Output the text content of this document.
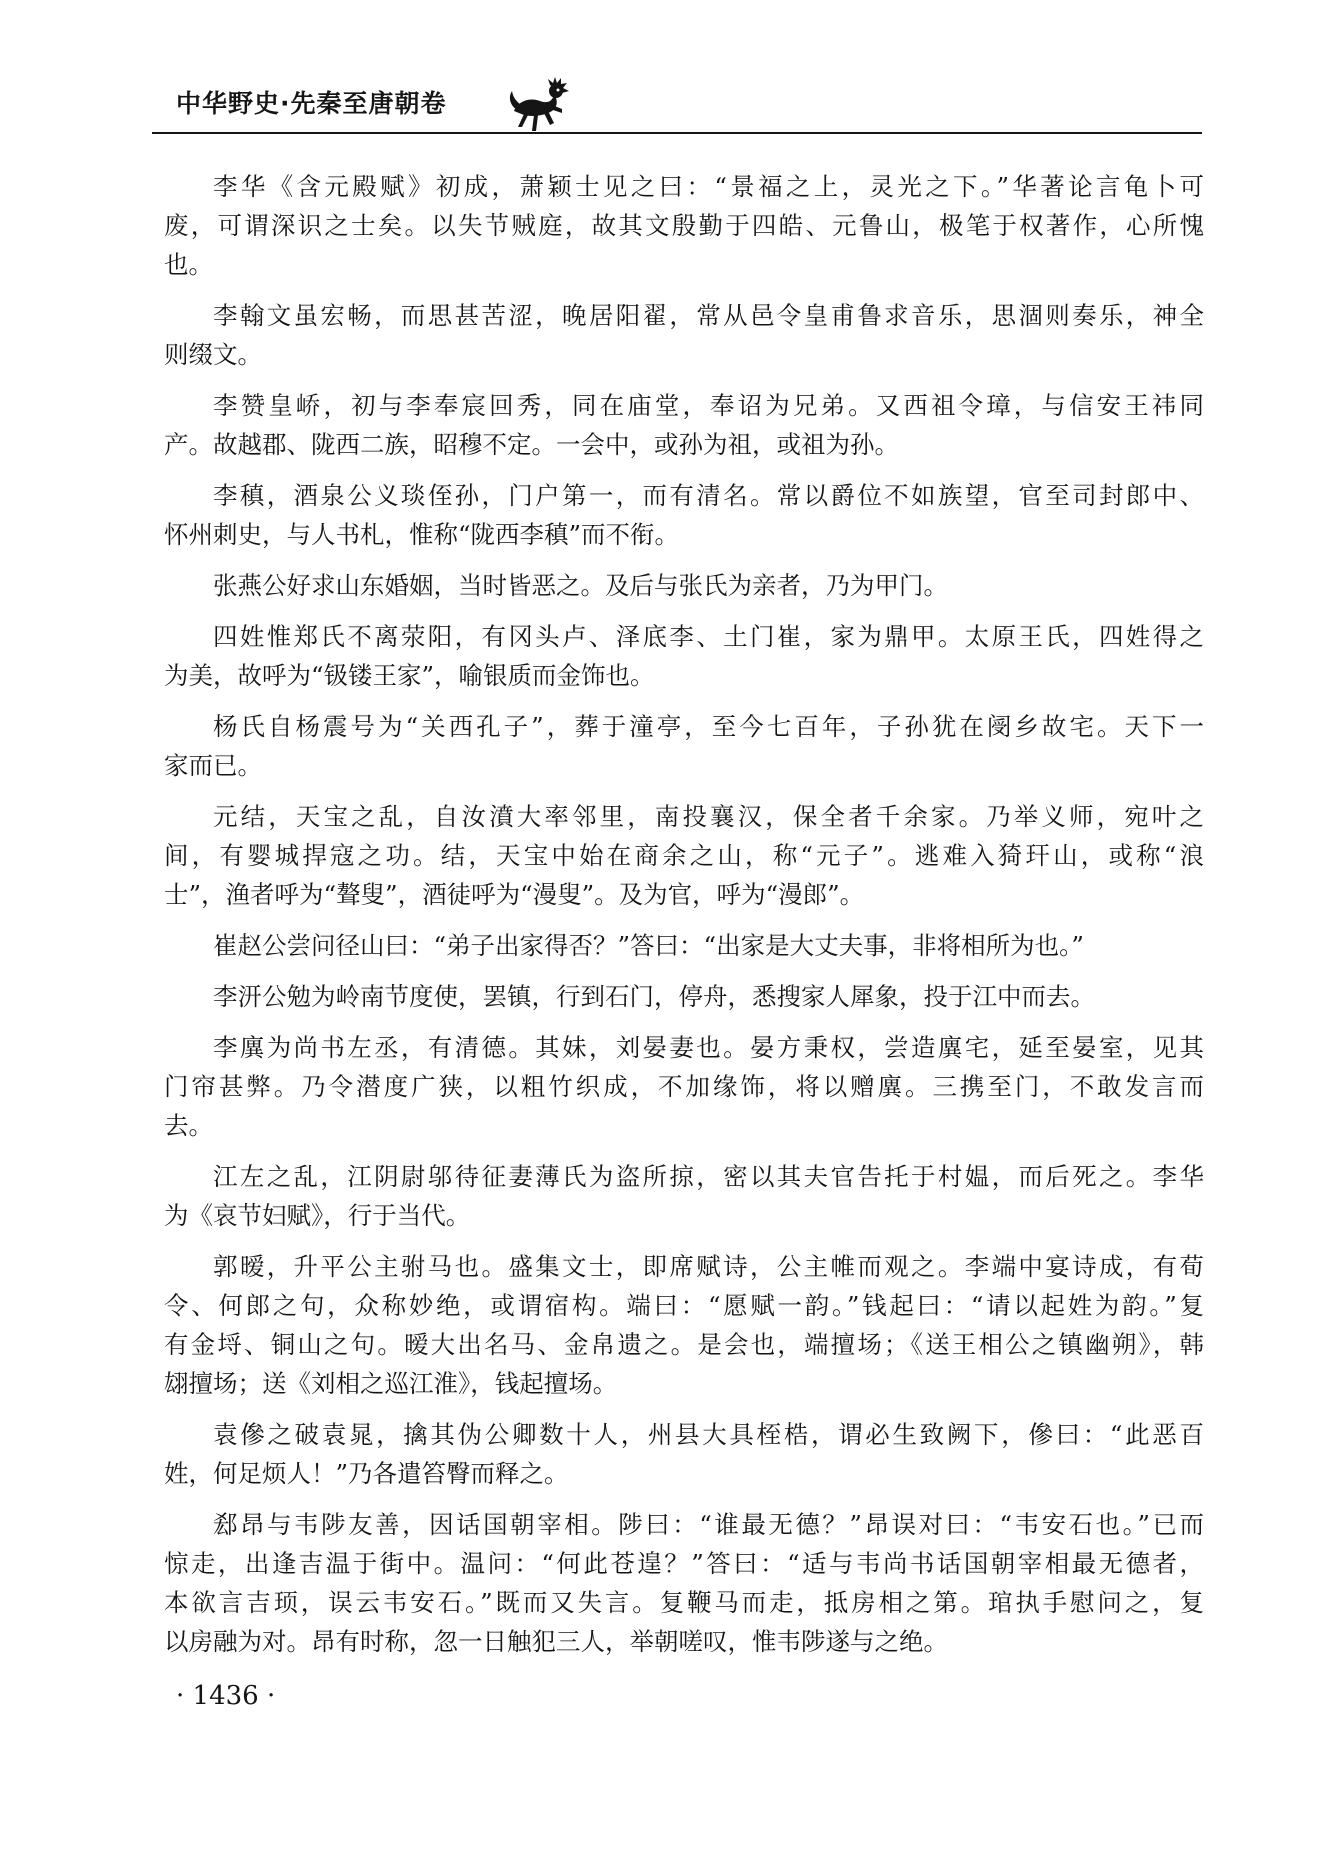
中华野史·先秦至唐朝卷

李华《含元殿赋》初成，萧颖士见之曰：“景福之上，灵光之下。”华著论言龟卜可
废，可谓深识之士矣。以失节贼庭，故其文殷勤于四皓、元鲁山，极笔于权著作，心所愧
也。

李翰文虽宏畅，而思甚苦涩，晚居阳翟，常从邑令皇甫鲁求音乐，思涸则奏乐，神全
则缀文。

李赞皇峤，初与李奉宸回秀，同在庙堂，奉诏为兄弟。又西祖令璋，与信安王祎同
产。故越郡、陇西二族，昭穆不定。一会中，或孙为祖，或祖为孙。

李稹，酒泉公义琰侄孙，门户第一，而有清名。常以爵位不如族望，官至司封郎中、
怀州刺史，与人书札，惟称“陇西李稹”而不衔。

张燕公好求山东婚姻，当时皆恶之。及后与张氏为亲者，乃为甲门。

四姓惟郑氏不离荥阳，有冈头卢、泽底李、土门崔，家为鼎甲。太原王氏，四姓得之
为美，故呼为“钑镂王家”，喻银质而金饰也。

杨氏自杨震号为“关西孔子”，葬于潼亭，至今七百年，子孙犹在阌乡故宅。天下一
家而已。

元结，天宝之乱，自汝濆大率邻里，南投襄汉，保全者千余家。乃举义师，宛叶之
间，有婴城捍寇之功。结，天宝中始在商余之山，称“元子”。逃难入猗玕山，或称“浪
士”，渔者呼为“聱叟”，酒徒呼为“漫叟”。及为官，呼为“漫郎”。

崔赵公尝问径山曰：“弟子出家得否？”答曰：“出家是大丈夫事，非将相所为也。”

李汧公勉为岭南节度使，罢镇，行到石门，停舟，悉搜家人犀象，投于江中而去。

李廙为尚书左丞，有清德。其妹，刘晏妻也。晏方秉权，尝造廙宅，延至晏室，见其
门帘甚弊。乃令潜度广狭，以粗竹织成，不加缘饰，将以赠廙。三携至门，不敢发言而
去。

江左之乱，江阴尉邬待征妻薄氏为盗所掠，密以其夫官告托于村媪，而后死之。李华
为《哀节妇赋》，行于当代。

郭暧，升平公主驸马也。盛集文士，即席赋诗，公主帷而观之。李端中宴诗成，有荀
令、何郎之句，众称妙绝，或谓宿构。端曰：“愿赋一韵。”钱起曰：“请以起姓为韵。”复
有金埒、铜山之句。暧大出名马、金帛遗之。是会也，端擅场；《送王相公之镇幽朔》，韩
翃擅场；送《刘相之巡江淮》，钱起擅场。

袁傪之破袁晁，擒其伪公卿数十人，州县大具桎梏，谓必生致阙下，傪曰：“此恶百
姓，何足烦人！”乃各遣笞臀而释之。

郄昂与韦陟友善，因话国朝宰相。陟曰：“谁最无德？”昂误对曰：“韦安石也。”已而
惊走，出逢吉温于街中。温问：“何此苍遑？”答曰：“适与韦尚书话国朝宰相最无德者，
本欲言吉顼，误云韦安石。”既而又失言。复鞭马而走，抵房相之第。琯执手慰问之，复
以房融为对。昂有时称，忽一日触犯三人，举朝嗟叹，惟韦陟遂与之绝。

· 1436 ·
